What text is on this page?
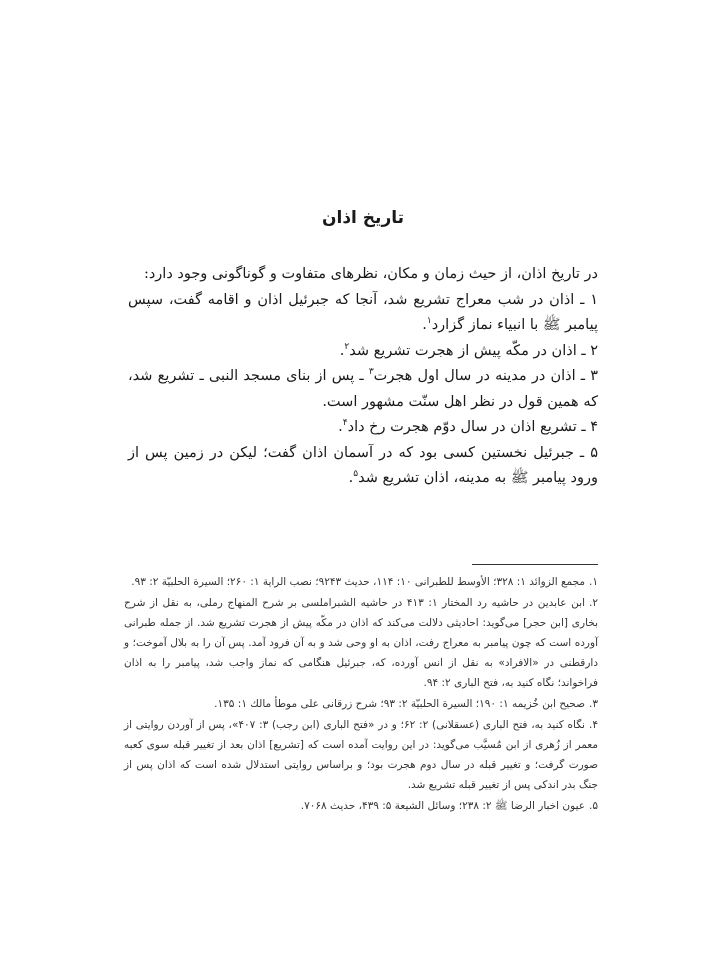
تاریخ اذان

در تاریخ اذان، از حیث زمان و مکان، نظرهای متفاوت و گوناگونی وجود دارد:

۱ ـ اذان در شب معراج تشریع شد، آنجا که جبرئیل اذان و اقامه گفت، سپس پیامبر ﷺ با انبیاء نماز گزارد$^۱$.

۲ ـ اذان در مکّه پیش از هجرت تشریع شد$^۲$.

۳ ـ اذان در مدینه در سال اول هجرت$^۳$ ـ پس از بنای مسجد النبی ـ تشریع شد، که همین قول در نظر اهل سنّت مشهور است.

۴ ـ تشریع اذان در سال دوّم هجرت رخ داد$^۴$.

۵ ـ جبرئیل نخستین کسی بود که در آسمان اذان گفت؛ لیکن در زمین پس از ورود پیامبر ﷺ به مدینه، اذان تشریع شد$^۵$.

۱.مجمع الزوائد ۱: ۳۲۸؛ الأوسط للطبرانی ۱۰: ۱۱۴، حدیث ۹۲۴۳؛ نصب الرایة ۱: ۲۶۰؛ السیرة الحلبیّة ۲: ۹۳.

۲.ابن عابدین در حاشیه رد المختار ۱: ۴۱۳ در حاشیه الشبراملسی بر شرح المنهاج رملی، به نقل از شرح بخاری [ابن حجر] می‌گوید: احادیثی دلالت می‌کند که اذان در مکّه پیش از هجرت تشریع شد. از جمله طبرانی آورده است که چون پیامبر به معراج رفت، اذان به او وحی شد و به آن فرود آمد. پس آن را به بلال آموخت؛ و دارقطنی در «الافراد» به نقل از انس آورده، که، جبرئیل هنگامی که نماز واجب شد، پیامبر را به اذان فراخواند؛ نگاه کنید به، فتح الباری ۲: ۹۴.

۳.صحیح ابن خُزیمه ۱: ۱۹۰؛ السیرة الحلبیّة ۲: ۹۳؛ شرح زرقانی علی موطأ مالك ۱: ۱۳۵.

۴.نگاه کنید به، فتح الباری (عسقلانی) ۲: ۶۲؛ و در «فتح الباری (ابن رجب) ۳: ۴۰۷»، پس از آوردن روایتی از معمر از زُهری از ابن مُسیَّب می‌گوید: در این روایت آمده است که [تشریع] اذان بعد از تغییر قبله سوی کعبه صورت گرفت؛ و تغییر قبله در سال دوم هجرت بود؛ و براساس روایتی استدلال شده است که اذان پس از جنگ بدر اندکی پس از تغییر قبله تشریع شد.

۵.عیون اخبار الرضا ﷺ ۲: ۲۳۸؛ وسائل الشیعة ۵: ۴۳۹، حدیث ۷۰۶۸.
